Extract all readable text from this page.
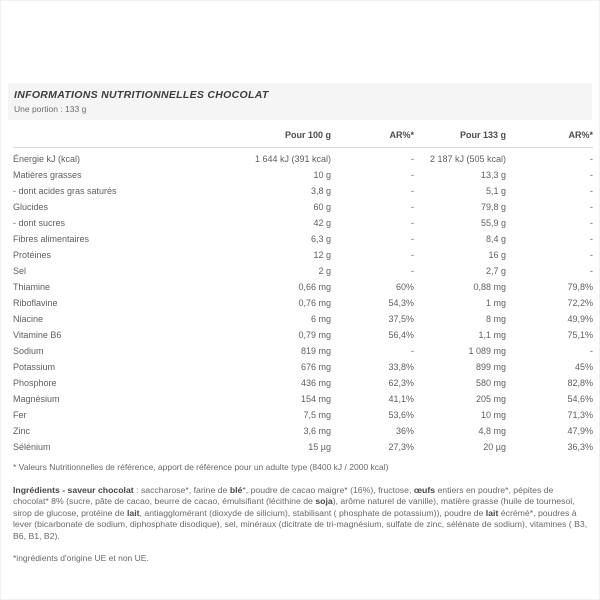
INFORMATIONS NUTRITIONNELLES CHOCOLAT
Une portion : 133 g
	Pour 100 g	AR%*	Pour 133 g	AR%*
Énergie kJ (kcal)	1 644 kJ (391 kcal)	-	2 187 kJ (505 kcal)	-
Matières grasses	10 g	-	13,3 g	-
- dont acides gras saturés	3,8 g	-	5,1 g	-
Glucides	60 g	-	79,8 g	-
- dont sucres	42 g	-	55,9 g	-
Fibres alimentaires	6,3 g	-	8,4 g	-
Protéines	12 g	-	16 g	-
Sel	2 g	-	2,7 g	-
Thiamine	0,66 mg	60%	0,88 mg	79,8%
Riboflavine	0,76 mg	54,3%	1 mg	72,2%
Niacine	6 mg	37,5%	8 mg	49,9%
Vitamine B6	0,79 mg	56,4%	1,1 mg	75,1%
Sodium	819 mg	-	1 089 mg	-
Potassium	676 mg	33,8%	899 mg	45%
Phosphore	436 mg	62,3%	580 mg	82,8%
Magnésium	154 mg	41,1%	205 mg	54,6%
Fer	7,5 mg	53,6%	10 mg	71,3%
Zinc	3,6 mg	36%	4,8 mg	47,9%
Sélénium	15 µg	27,3%	20 µg	36,3%

* Valeurs Nutritionnelles de référence, apport de référence pour un adulte type (8400 kJ / 2000 kcal)

Ingrédients - saveur chocolat : saccharose*, farine de blé*, poudre de cacao maigre* (16%), fructose, œufs entiers en poudre*, pépites de chocolat* 8% (sucre, pâte de cacao, beurre de cacao, émulsifiant (lécithine de soja), arôme naturel de vanille), matière grasse (huile de tournesol, sirop de glucose, protéine de lait, antiagglomérant (dioxyde de silicium), stabilisant ( phosphate de potassium)), poudre de lait écrémé*, poudres à lever (bicarbonate de sodium, diphosphate disodique), sel, minéraux (dicitrate de tri-magnésium, sulfate de zinc, sélénate de sodium), vitamines ( B3, B6, B1, B2).

*ingrédients d'origine UE et non UE.
